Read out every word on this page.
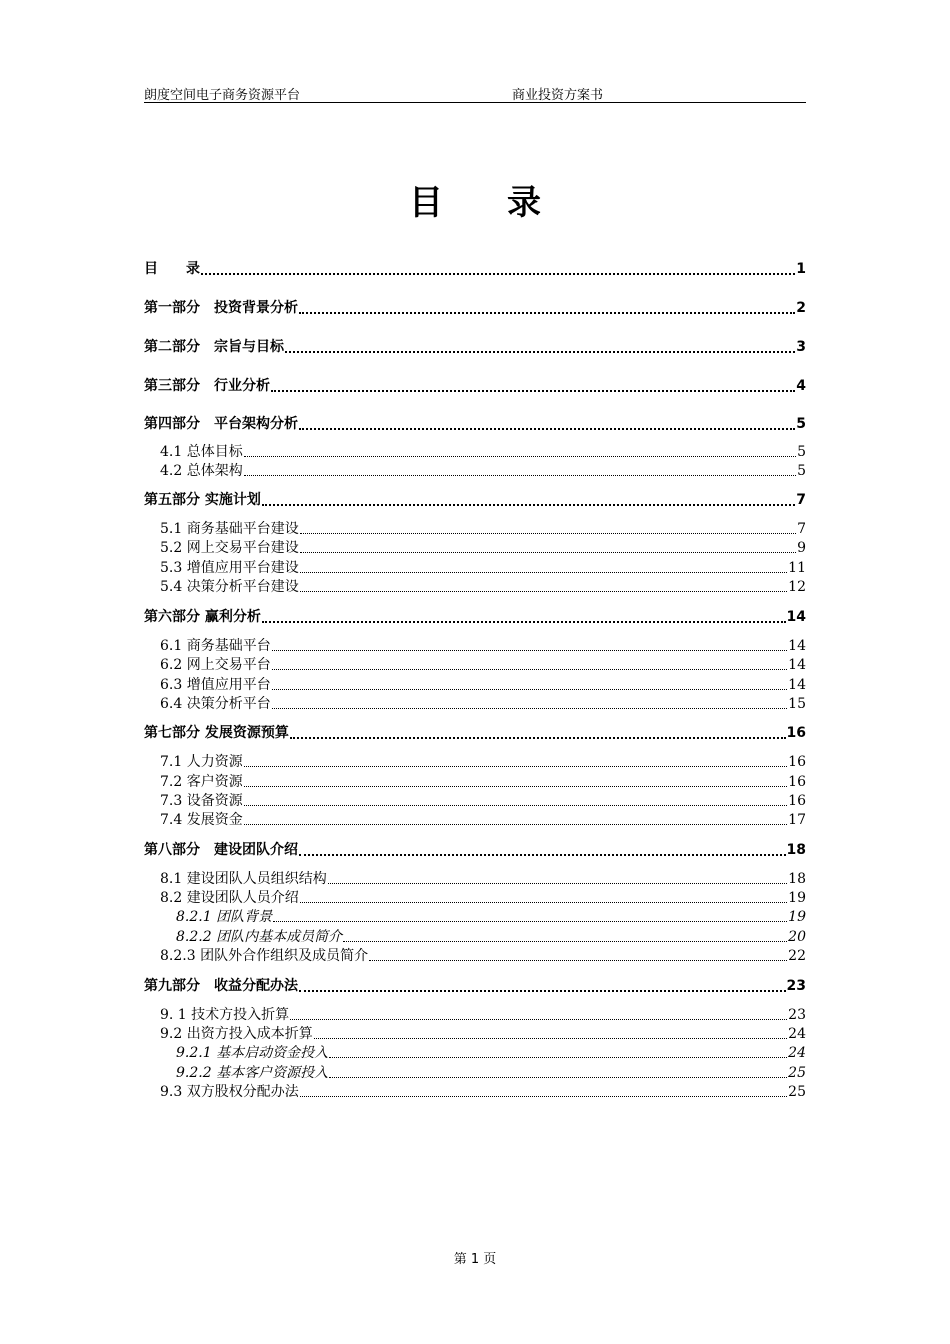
朗度空间电子商务资源平台	商业投资方案书
目录
目　　录	1
第一部分　投资背景分析	2
第二部分　宗旨与目标	3
第三部分　行业分析	4
第四部分　平台架构分析	5
4.1 总体目标	5
4.2 总体架构	5
第五部分 实施计划	7
5.1 商务基础平台建设	7
5.2 网上交易平台建设	9
5.3 增值应用平台建设	11
5.4 决策分析平台建设	12
第六部分 赢利分析	14
6.1 商务基础平台	14
6.2 网上交易平台	14
6.3 增值应用平台	14
6.4 决策分析平台	15
第七部分 发展资源预算	16
7.1 人力资源	16
7.2 客户资源	16
7.3 设备资源	16
7.4 发展资金	17
第八部分　建设团队介绍	18
8.1 建设团队人员组织结构	18
8.2 建设团队人员介绍	19
8.2.1 团队背景	19
8.2.2 团队内基本成员简介	20
8.2.3 团队外合作组织及成员简介	22
第九部分　收益分配办法	23
9. 1 技术方投入折算	23
9.2 出资方投入成本折算	24
9.2.1 基本启动资金投入	24
9.2.2 基本客户资源投入	25
9.3 双方股权分配办法	25
第 1 页
